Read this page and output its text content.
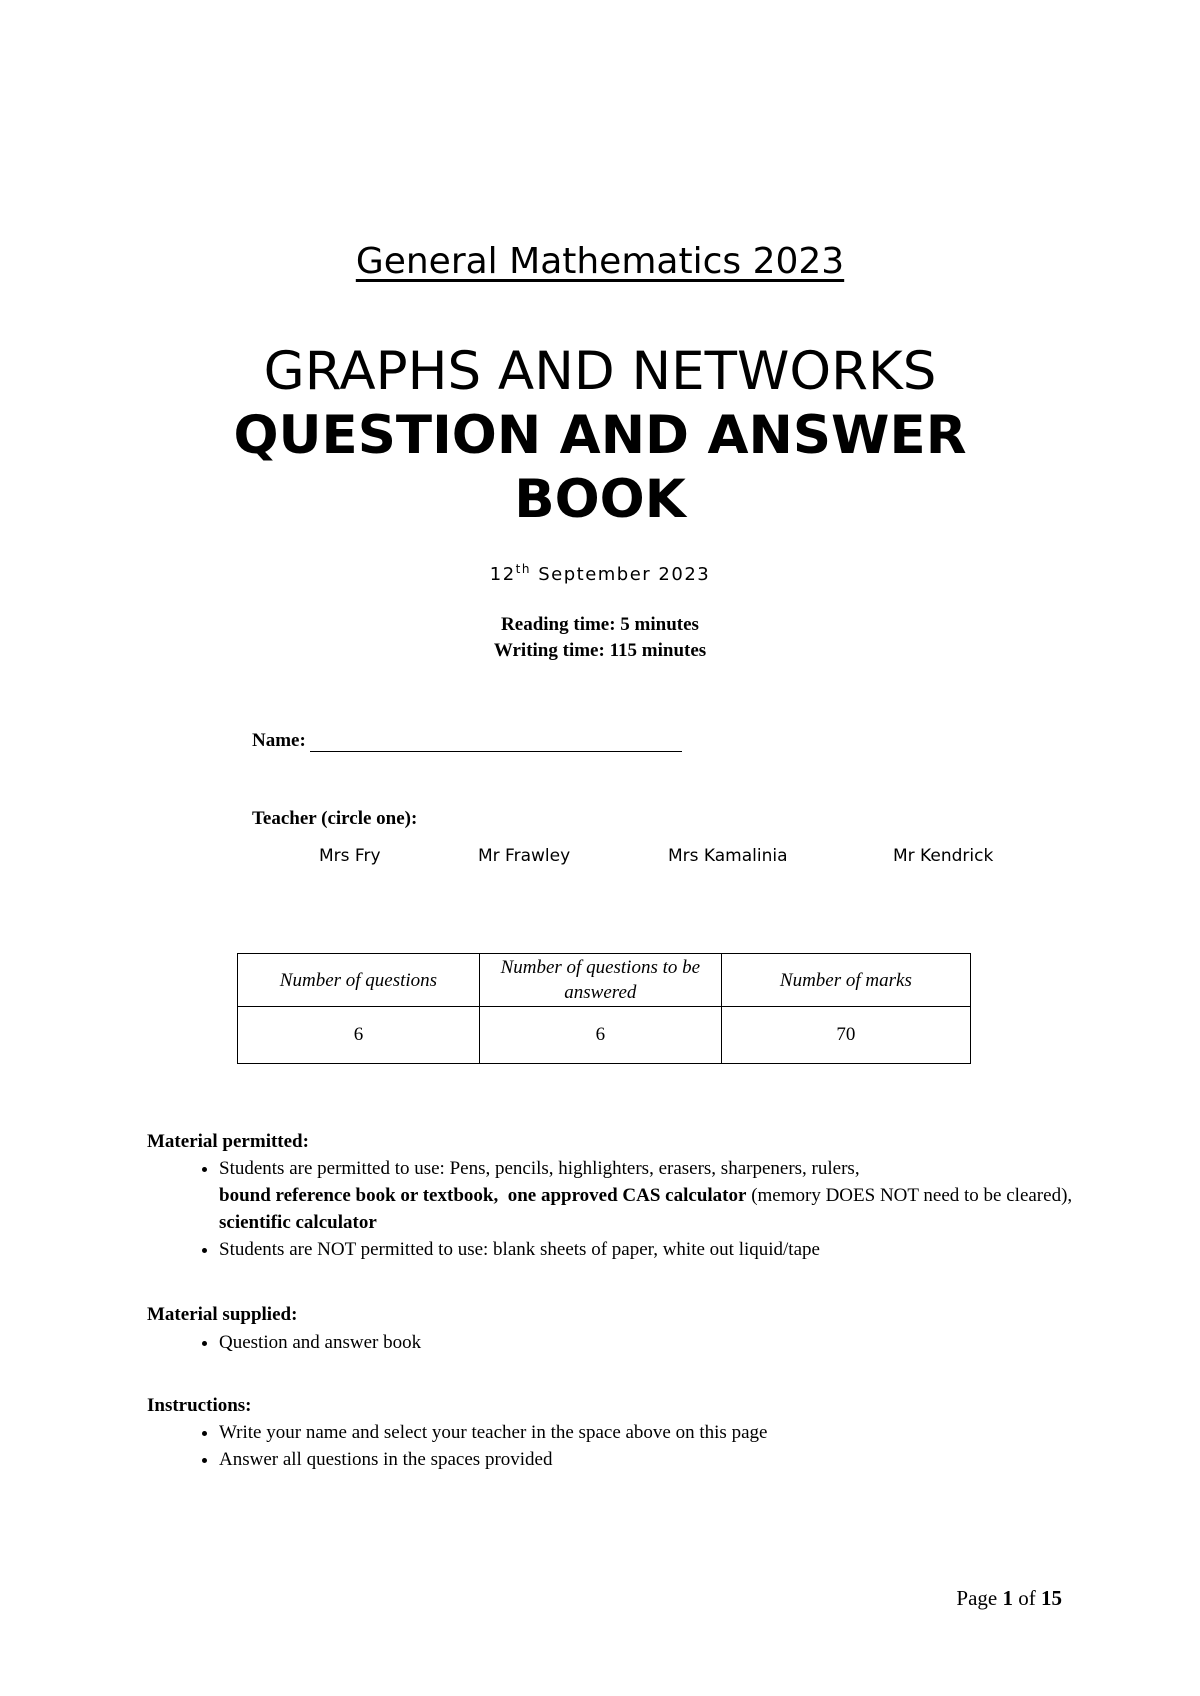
General Mathematics 2023
GRAPHS AND NETWORKS
QUESTION AND ANSWER BOOK
12th September 2023
Reading time: 5 minutes
Writing time: 115 minutes
Name:
Teacher (circle one):
Mrs Fry	Mr Frawley	Mrs Kamalinia	Mr Kendrick
Number of questions	Number of questions to be answered	Number of marks
6	6	70
Material permitted:
• Students are permitted to use: Pens, pencils, highlighters, erasers, sharpeners, rulers,
bound reference book or textbook, one approved CAS calculator (memory DOES NOT need to be cleared),  scientific calculator
• Students are NOT permitted to use: blank sheets of paper, white out liquid/tape
Material supplied:
• Question and answer book
Instructions:
• Write your name and select your teacher in the space above on this page
• Answer all questions in the spaces provided
Page 1 of 15
